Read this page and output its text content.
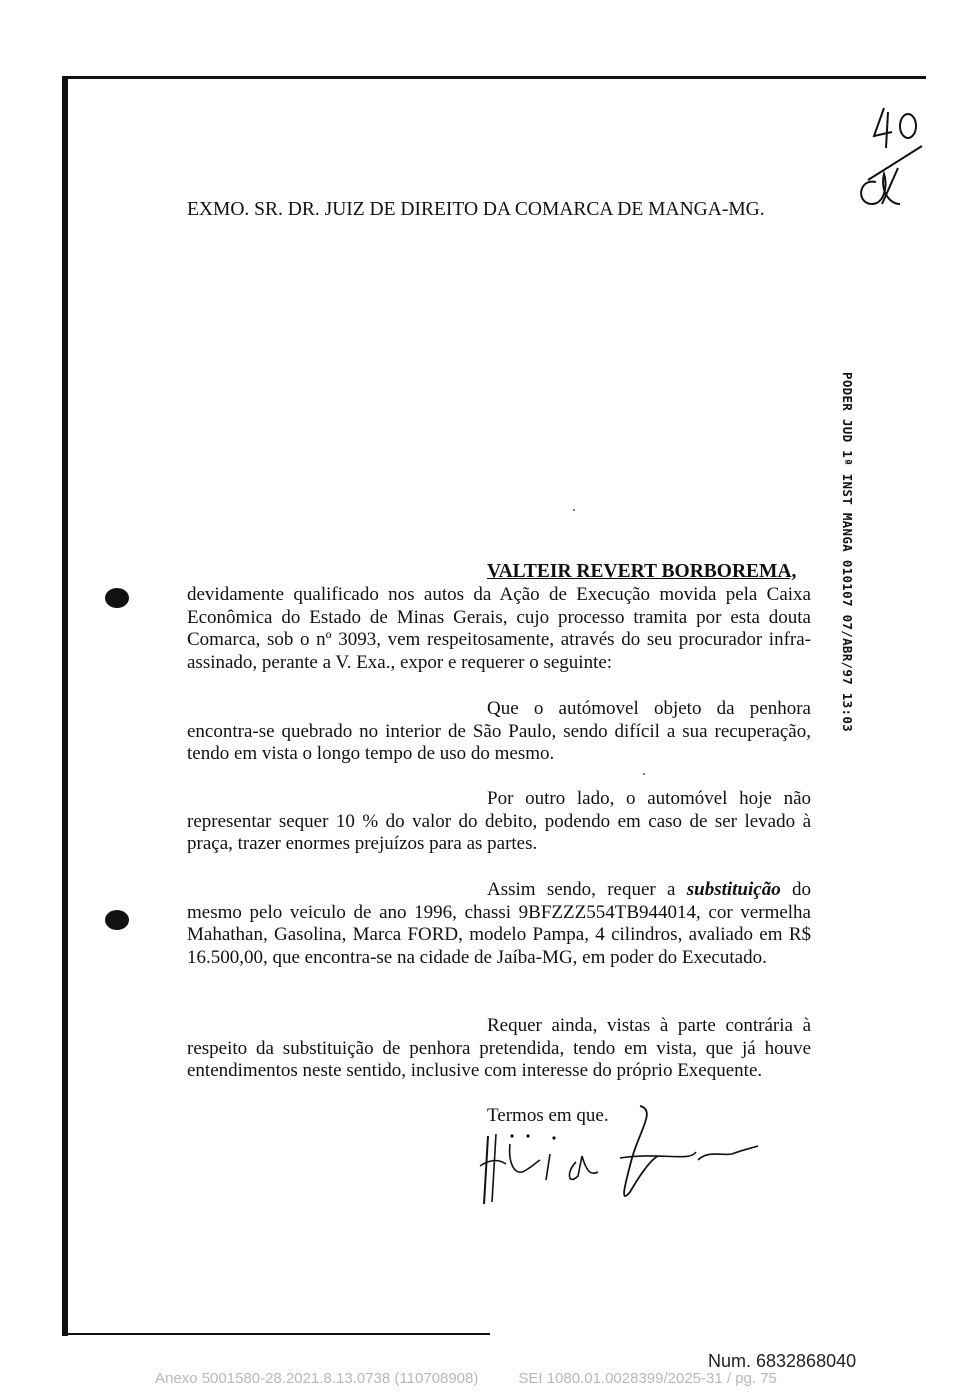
EXMO. SR. DR. JUIZ DE DIREITO DA COMARCA DE MANGA-MG.
PODER JUD 1ª INST MANGA 010107 07/ABR/97 13:03
VALTEIR REVERT BORBOREMA,
devidamente qualificado nos autos da Ação de Execução movida pela Caixa Econômica do Estado de Minas Gerais, cujo processo tramita por esta douta Comarca, sob o nº 3093, vem respeitosamente, através do seu procurador infra-assinado, perante a V. Exa., expor e requerer o seguinte:
Que o autómovel objeto da penhora encontra-se quebrado no interior de São Paulo, sendo difícil a sua recuperação, tendo em vista o longo tempo de uso do mesmo.
Por outro lado, o automóvel hoje não representar sequer 10 % do valor do debito, podendo em caso de ser levado à praça, trazer enormes prejuízos para as partes.
Assim sendo, requer a substituição do mesmo pelo veiculo de ano 1996, chassi 9BFZZZ554TB944014, cor vermelha Mahathan, Gasolina, Marca FORD, modelo Pampa, 4 cilindros, avaliado em R$ 16.500,00, que encontra-se na cidade de Jaíba-MG, em poder do Executado.
Requer ainda, vistas à parte contrária à respeito da substituição de penhora pretendida, tendo em vista, que já houve entendimentos neste sentido, inclusive com interesse do próprio Exequente.
Termos em que.
Num. 6832868040
Anexo 5001580-28.2021.8.13.0738 (110708908)	SEI 1080.01.0028399/2025-31 / pg. 75
